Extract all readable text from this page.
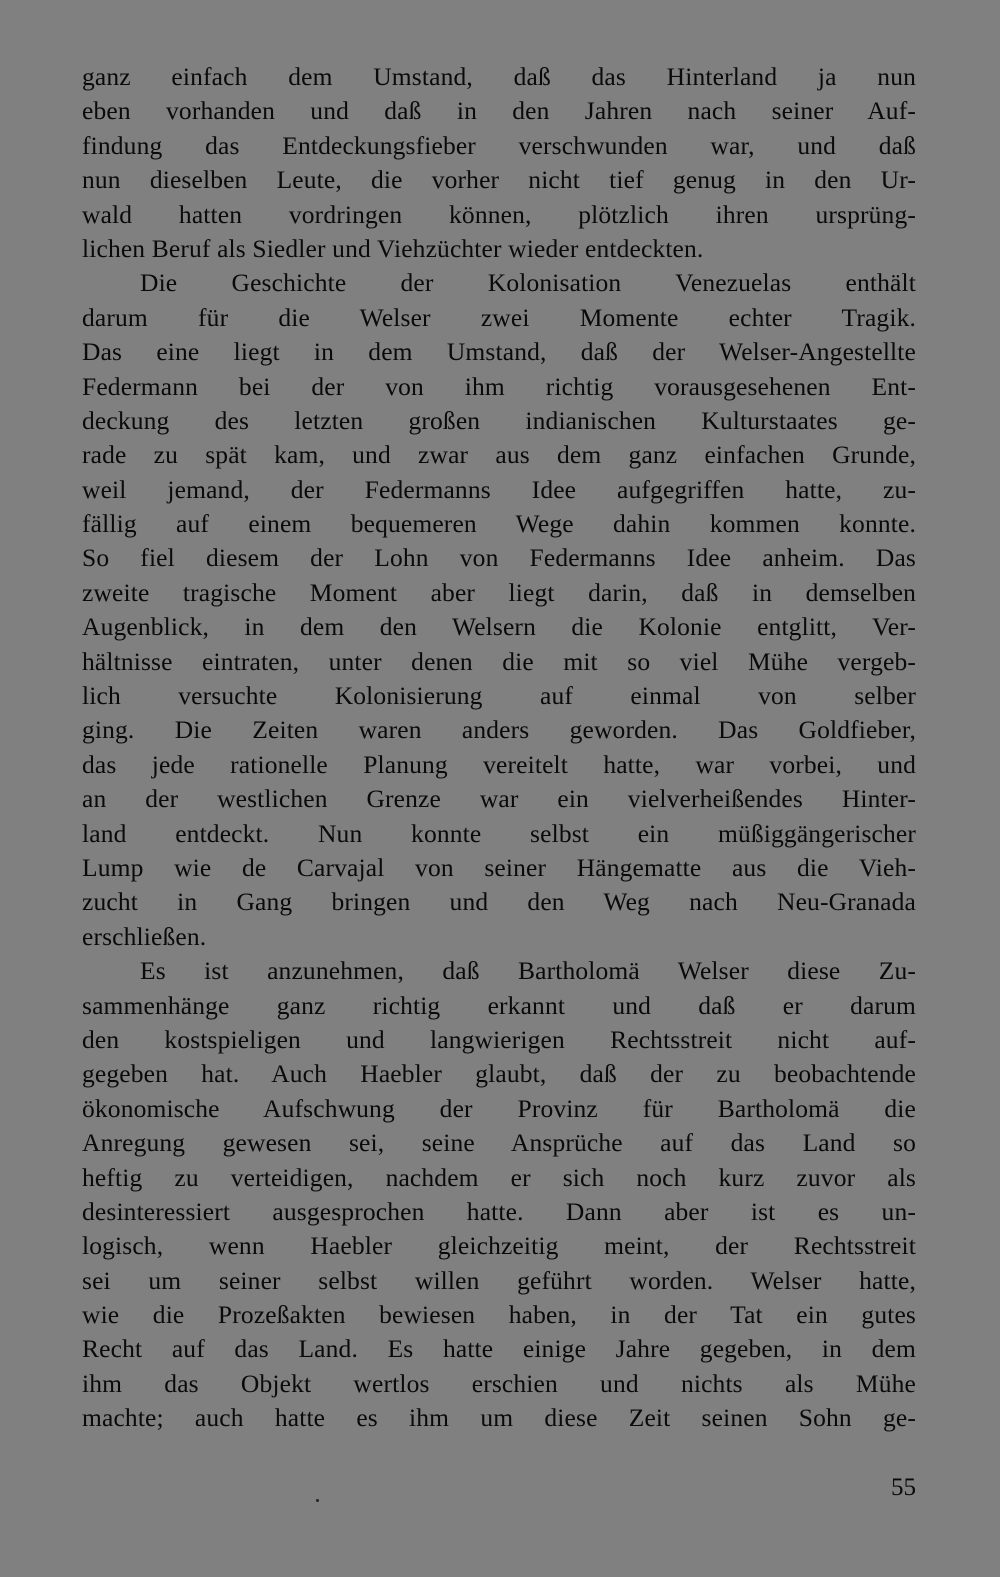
ganz einfach dem Umstand, daß das Hinterland ja nun
eben vorhanden und daß in den Jahren nach seiner Auf-
findung das Entdeckungsfieber verschwunden war, und daß
nun dieselben Leute, die vorher nicht tief genug in den Ur-
wald hatten vordringen können, plötzlich ihren ursprüng-
lichen Beruf als Siedler und Viehzüchter wieder entdeckten.
Die Geschichte der Kolonisation Venezuelas enthält
darum für die Welser zwei Momente echter Tragik.
Das eine liegt in dem Umstand, daß der Welser-Angestellte
Federmann bei der von ihm richtig vorausgesehenen Ent-
deckung des letzten großen indianischen Kulturstaates ge-
rade zu spät kam, und zwar aus dem ganz einfachen Grunde,
weil jemand, der Federmanns Idee aufgegriffen hatte, zu-
fällig auf einem bequemeren Wege dahin kommen konnte.
So fiel diesem der Lohn von Federmanns Idee anheim. Das
zweite tragische Moment aber liegt darin, daß in demselben
Augenblick, in dem den Welsern die Kolonie entglitt, Ver-
hältnisse eintraten, unter denen die mit so viel Mühe vergeb-
lich versuchte Kolonisierung auf einmal von selber
ging. Die Zeiten waren anders geworden. Das Goldfieber,
das jede rationelle Planung vereitelt hatte, war vorbei, und
an der westlichen Grenze war ein vielverheißendes Hinter-
land entdeckt. Nun konnte selbst ein müßiggängerischer
Lump wie de Carvajal von seiner Hängematte aus die Vieh-
zucht in Gang bringen und den Weg nach Neu-Granada
erschließen.
Es ist anzunehmen, daß Bartholomä Welser diese Zu-
sammenhänge ganz richtig erkannt und daß er darum
den kostspieligen und langwierigen Rechtsstreit nicht auf-
gegeben hat. Auch Haebler glaubt, daß der zu beobachtende
ökonomische Aufschwung der Provinz für Bartholomä die
Anregung gewesen sei, seine Ansprüche auf das Land so
heftig zu verteidigen, nachdem er sich noch kurz zuvor als
desinteressiert ausgesprochen hatte. Dann aber ist es un-
logisch, wenn Haebler gleichzeitig meint, der Rechtsstreit
sei um seiner selbst willen geführt worden. Welser hatte,
wie die Prozeßakten bewiesen haben, in der Tat ein gutes
Recht auf das Land. Es hatte einige Jahre gegeben, in dem
ihm das Objekt wertlos erschien und nichts als Mühe
machte; auch hatte es ihm um diese Zeit seinen Sohn ge-
55
